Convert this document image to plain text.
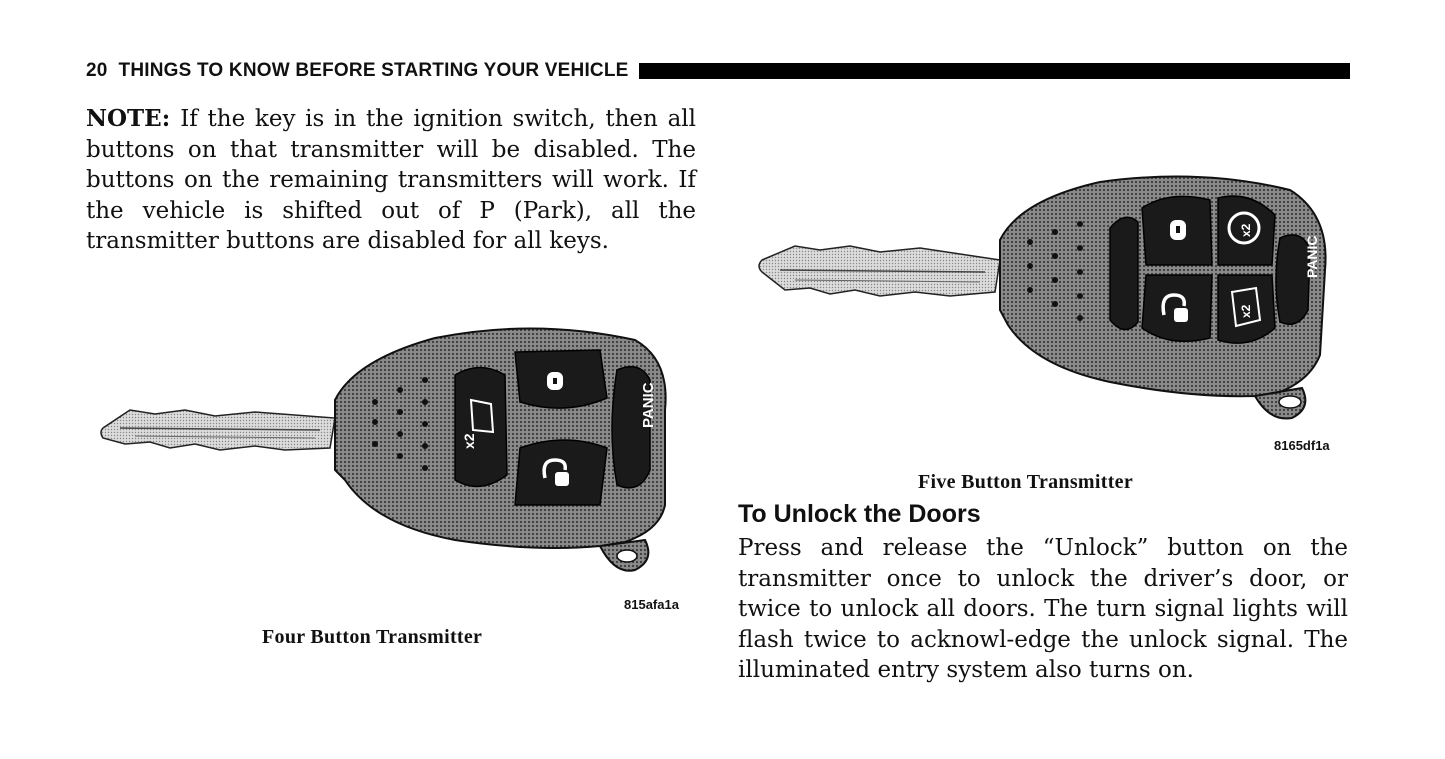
20 THINGS TO KNOW BEFORE STARTING YOUR VEHICLE
NOTE: If the key is in the ignition switch, then all buttons on that transmitter will be disabled. The buttons on the remaining transmitters will work. If the vehicle is shifted out of P (Park), all the transmitter buttons are disabled for all keys.
x2
PANIC
815afa1a
Four Button Transmitter
x2
x2
PANIC
8165df1a
Five Button Transmitter
To Unlock the Doors
Press and release the “Unlock” button on the transmitter once to unlock the driver’s door, or twice to unlock all doors. The turn signal lights will flash twice to acknowl-edge the unlock signal. The illuminated entry system also turns on.
